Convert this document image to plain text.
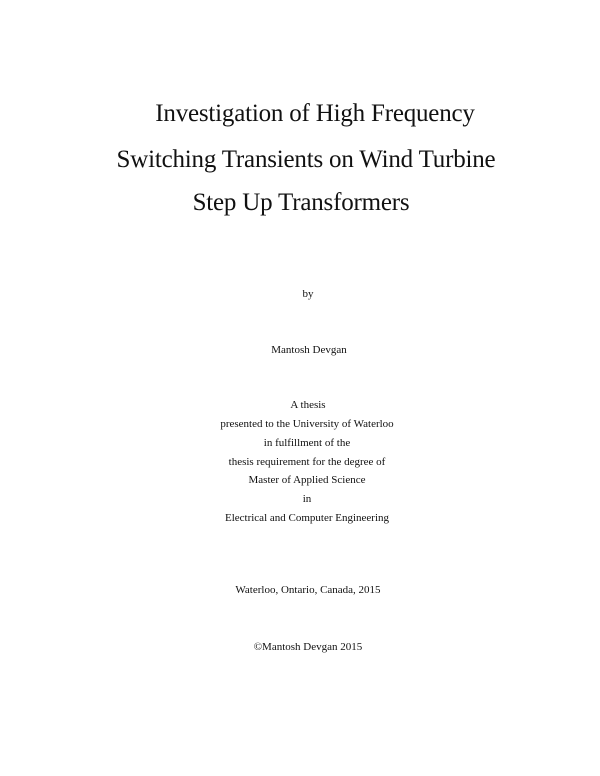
Investigation of High Frequency
Switching Transients on Wind Turbine
Step Up Transformers
by
Mantosh Devgan
A thesis
presented to the University of Waterloo
in fulfillment of the
thesis requirement for the degree of
Master of Applied Science
in
Electrical and Computer Engineering
Waterloo, Ontario, Canada, 2015
©Mantosh Devgan 2015
